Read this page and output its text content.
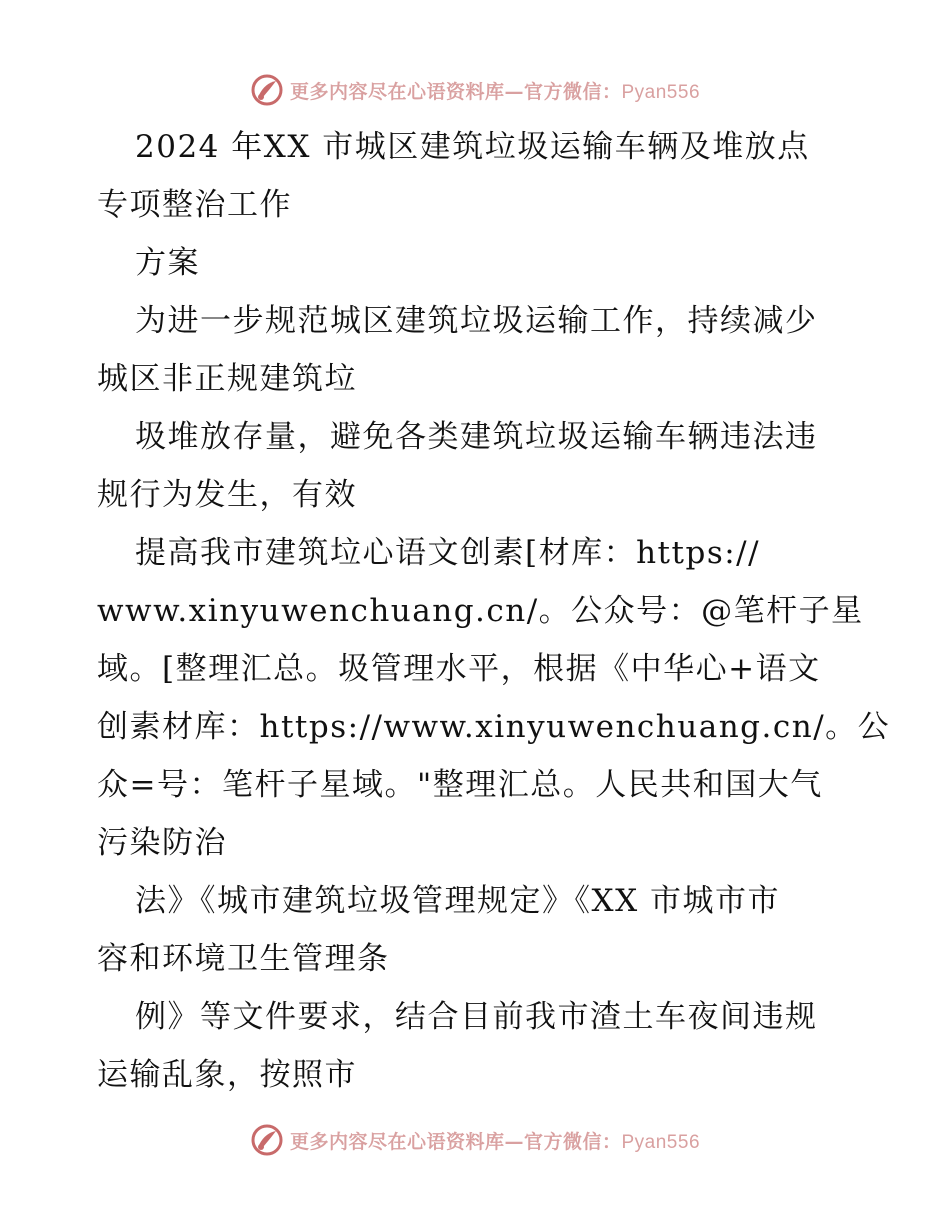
更多内容尽在心语资料库—官方微信：Pyan556
2024 年XX 市城区建筑垃圾运输车辆及堆放点
专项整治工作
方案
为进一步规范城区建筑垃圾运输工作，持续减少
城区非正规建筑垃
圾堆放存量，避免各类建筑垃圾运输车辆违法违
规行为发生，有效
提高我市建筑垃心语文创素[材库：https://
www.xinyuwenchuang.cn/。公众号：@笔杆子星
域。[整理汇总。圾管理水平，根据《中华心+语文
创素材库：https://www.xinyuwenchuang.cn/。公
众=号：笔杆子星域。"整理汇总。人民共和国大气
污染防治
法》《城市建筑垃圾管理规定》《XX 市城市市
容和环境卫生管理条
例》等文件要求，结合目前我市渣土车夜间违规
运输乱象，按照市
更多内容尽在心语资料库—官方微信：Pyan556
